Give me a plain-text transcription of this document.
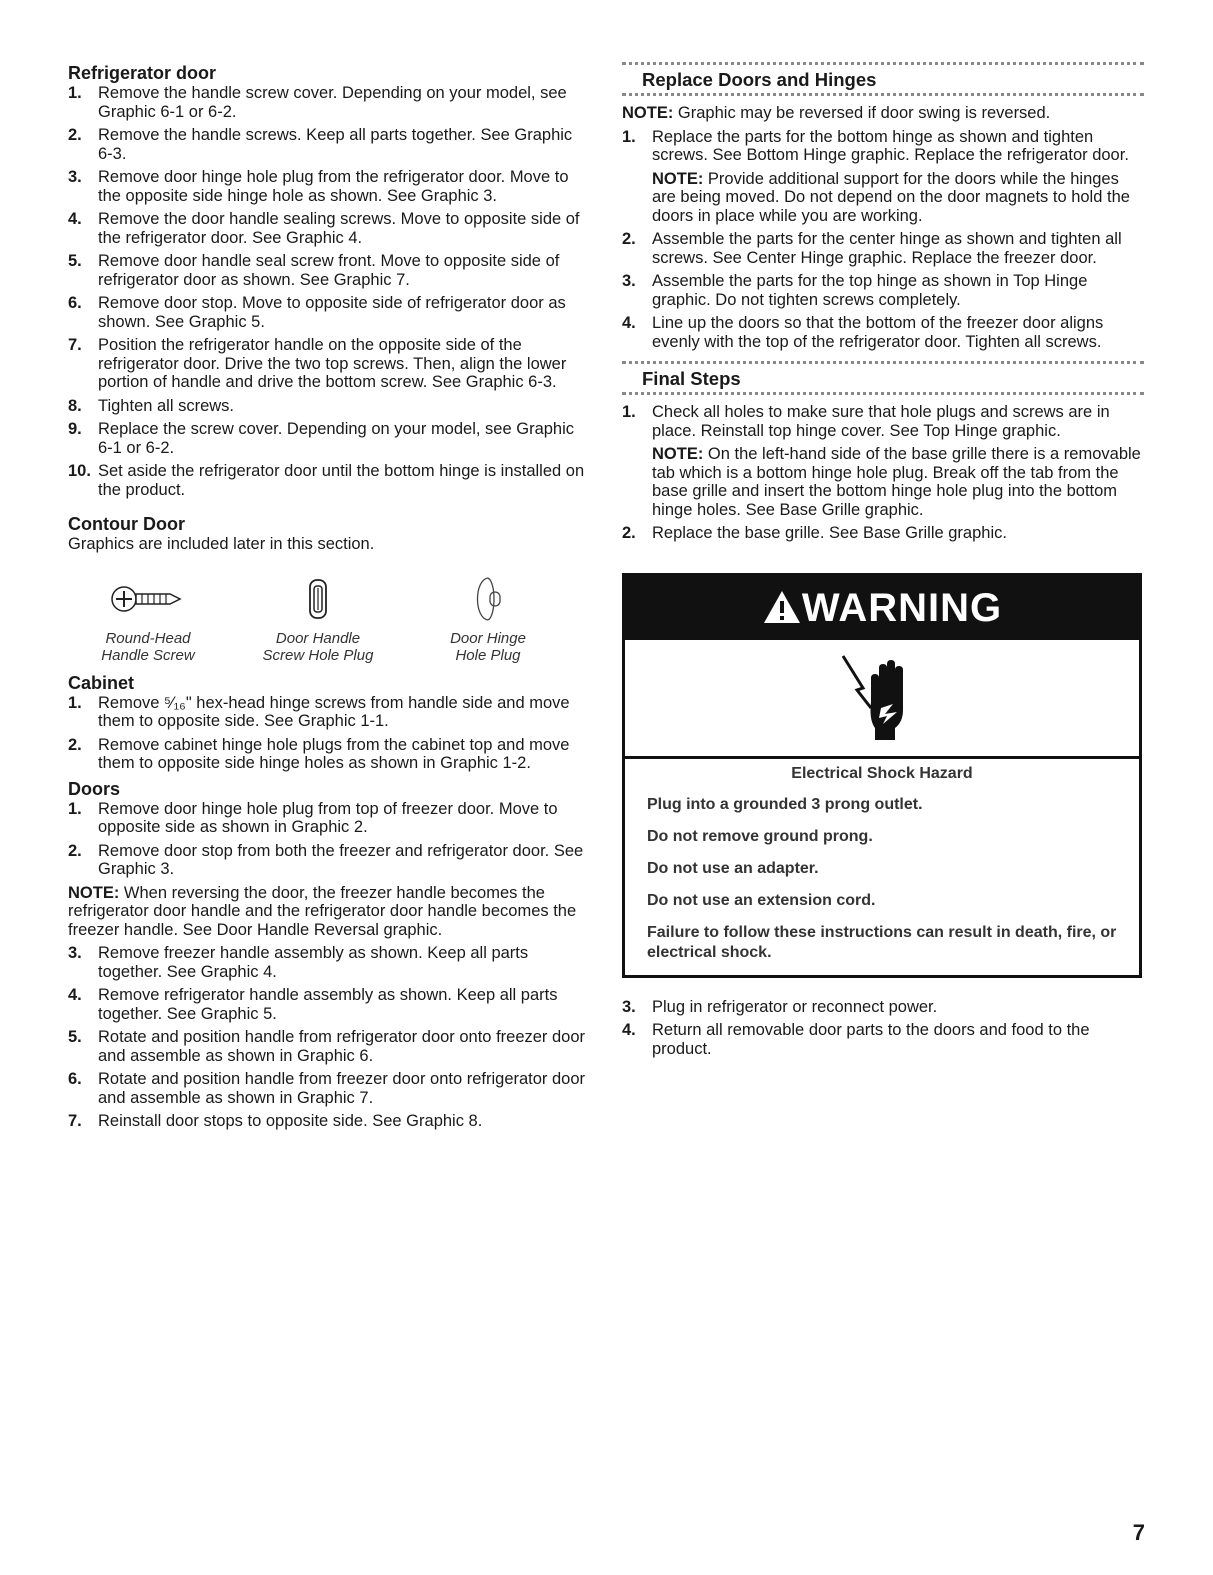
Refrigerator door

1. Remove the handle screw cover. Depending on your model, see Graphic 6-1 or 6-2.
2. Remove the handle screws. Keep all parts together. See Graphic 6-3.
3. Remove door hinge hole plug from the refrigerator door. Move to the opposite side hinge hole as shown. See Graphic 3.
4. Remove the door handle sealing screws. Move to opposite side of the refrigerator door. See Graphic 4.
5. Remove door handle seal screw front. Move to opposite side of refrigerator door as shown. See Graphic 7.
6. Remove door stop. Move to opposite side of refrigerator door as shown. See Graphic 5.
7. Position the refrigerator handle on the opposite side of the refrigerator door. Drive the two top screws. Then, align the lower portion of handle and drive the bottom screw. See Graphic 6-3.
8. Tighten all screws.
9. Replace the screw cover. Depending on your model, see Graphic 6-1 or 6-2.
10. Set aside the refrigerator door until the bottom hinge is installed on the product.

Contour Door

Graphics are included later in this section.

Round-Head
Handle Screw
Door Handle
Screw Hole Plug
Door Hinge
Hole Plug

Cabinet

1. Remove ⁵⁄₁₆" hex-head hinge screws from handle side and move them to opposite side. See Graphic 1-1.
2. Remove cabinet hinge hole plugs from the cabinet top and move them to opposite side hinge holes as shown in Graphic 1-2.

Doors

1. Remove door hinge hole plug from top of freezer door. Move to opposite side as shown in Graphic 2.
2. Remove door stop from both the freezer and refrigerator door. See Graphic 3.

NOTE: When reversing the door, the freezer handle becomes the refrigerator door handle and the refrigerator door handle becomes the freezer handle. See Door Handle Reversal graphic.

3. Remove freezer handle assembly as shown. Keep all parts together. See Graphic 4.
4. Remove refrigerator handle assembly as shown. Keep all parts together. See Graphic 5.
5. Rotate and position handle from refrigerator door onto freezer door and assemble as shown in Graphic 6.
6. Rotate and position handle from freezer door onto refrigerator door and assemble as shown in Graphic 7.
7. Reinstall door stops to opposite side. See Graphic 8.

Replace Doors and Hinges

NOTE: Graphic may be reversed if door swing is reversed.

1. Replace the parts for the bottom hinge as shown and tighten screws. See Bottom Hinge graphic. Replace the refrigerator door.
NOTE: Provide additional support for the doors while the hinges are being moved. Do not depend on the door magnets to hold the doors in place while you are working.
2. Assemble the parts for the center hinge as shown and tighten all screws. See Center Hinge graphic. Replace the freezer door.
3. Assemble the parts for the top hinge as shown in Top Hinge graphic. Do not tighten screws completely.
4. Line up the doors so that the bottom of the freezer door aligns evenly with the top of the refrigerator door. Tighten all screws.

Final Steps

1. Check all holes to make sure that hole plugs and screws are in place. Reinstall top hinge cover. See Top Hinge graphic.
NOTE: On the left-hand side of the base grille there is a removable tab which is a bottom hinge hole plug. Break off the tab from the base grille and insert the bottom hinge hole plug into the bottom hinge holes. See Base Grille graphic.
2. Replace the base grille. See Base Grille graphic.
WARNING
Electrical Shock Hazard

Plug into a grounded 3 prong outlet.

Do not remove ground prong.

Do not use an adapter.

Do not use an extension cord.

Failure to follow these instructions can result in death, fire, or electrical shock.

3. Plug in refrigerator or reconnect power.
4. Return all removable door parts to the doors and food to the product.
7
